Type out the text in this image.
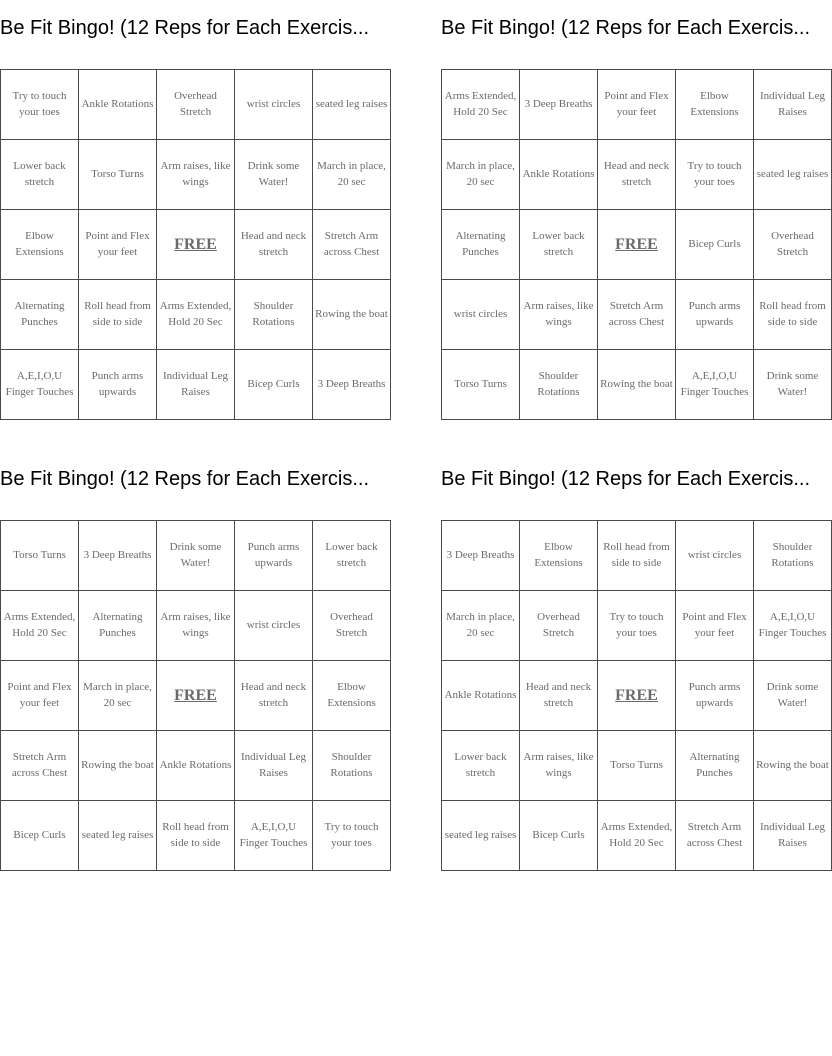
Be Fit Bingo! (12 Reps for Each Exercis...
Try to touch your toes	Ankle Rotations	Overhead Stretch	wrist circles	seated leg raises
Lower back stretch	Torso Turns	Arm raises, like wings	Drink some Water!	March in place, 20 sec
Elbow Extensions	Point and Flex your feet	FREE	Head and neck stretch	Stretch Arm across Chest
Alternating Punches	Roll head from side to side	Arms Extended, Hold 20 Sec	Shoulder Rotations	Rowing the boat
A,E,I,O,U Finger Touches	Punch arms upwards	Individual Leg Raises	Bicep Curls	3 Deep Breaths
Be Fit Bingo! (12 Reps for Each Exercis...
Arms Extended, Hold 20 Sec	3 Deep Breaths	Point and Flex your feet	Elbow Extensions	Individual Leg Raises
March in place, 20 sec	Ankle Rotations	Head and neck stretch	Try to touch your toes	seated leg raises
Alternating Punches	Lower back stretch	FREE	Bicep Curls	Overhead Stretch
wrist circles	Arm raises, like wings	Stretch Arm across Chest	Punch arms upwards	Roll head from side to side
Torso Turns	Shoulder Rotations	Rowing the boat	A,E,I,O,U Finger Touches	Drink some Water!
Be Fit Bingo! (12 Reps for Each Exercis...
Torso Turns	3 Deep Breaths	Drink some Water!	Punch arms upwards	Lower back stretch
Arms Extended, Hold 20 Sec	Alternating Punches	Arm raises, like wings	wrist circles	Overhead Stretch
Point and Flex your feet	March in place, 20 sec	FREE	Head and neck stretch	Elbow Extensions
Stretch Arm across Chest	Rowing the boat	Ankle Rotations	Individual Leg Raises	Shoulder Rotations
Bicep Curls	seated leg raises	Roll head from side to side	A,E,I,O,U Finger Touches	Try to touch your toes
Be Fit Bingo! (12 Reps for Each Exercis...
3 Deep Breaths	Elbow Extensions	Roll head from side to side	wrist circles	Shoulder Rotations
March in place, 20 sec	Overhead Stretch	Try to touch your toes	Point and Flex your feet	A,E,I,O,U Finger Touches
Ankle Rotations	Head and neck stretch	FREE	Punch arms upwards	Drink some Water!
Lower back stretch	Arm raises, like wings	Torso Turns	Alternating Punches	Rowing the boat
seated leg raises	Bicep Curls	Arms Extended, Hold 20 Sec	Stretch Arm across Chest	Individual Leg Raises
